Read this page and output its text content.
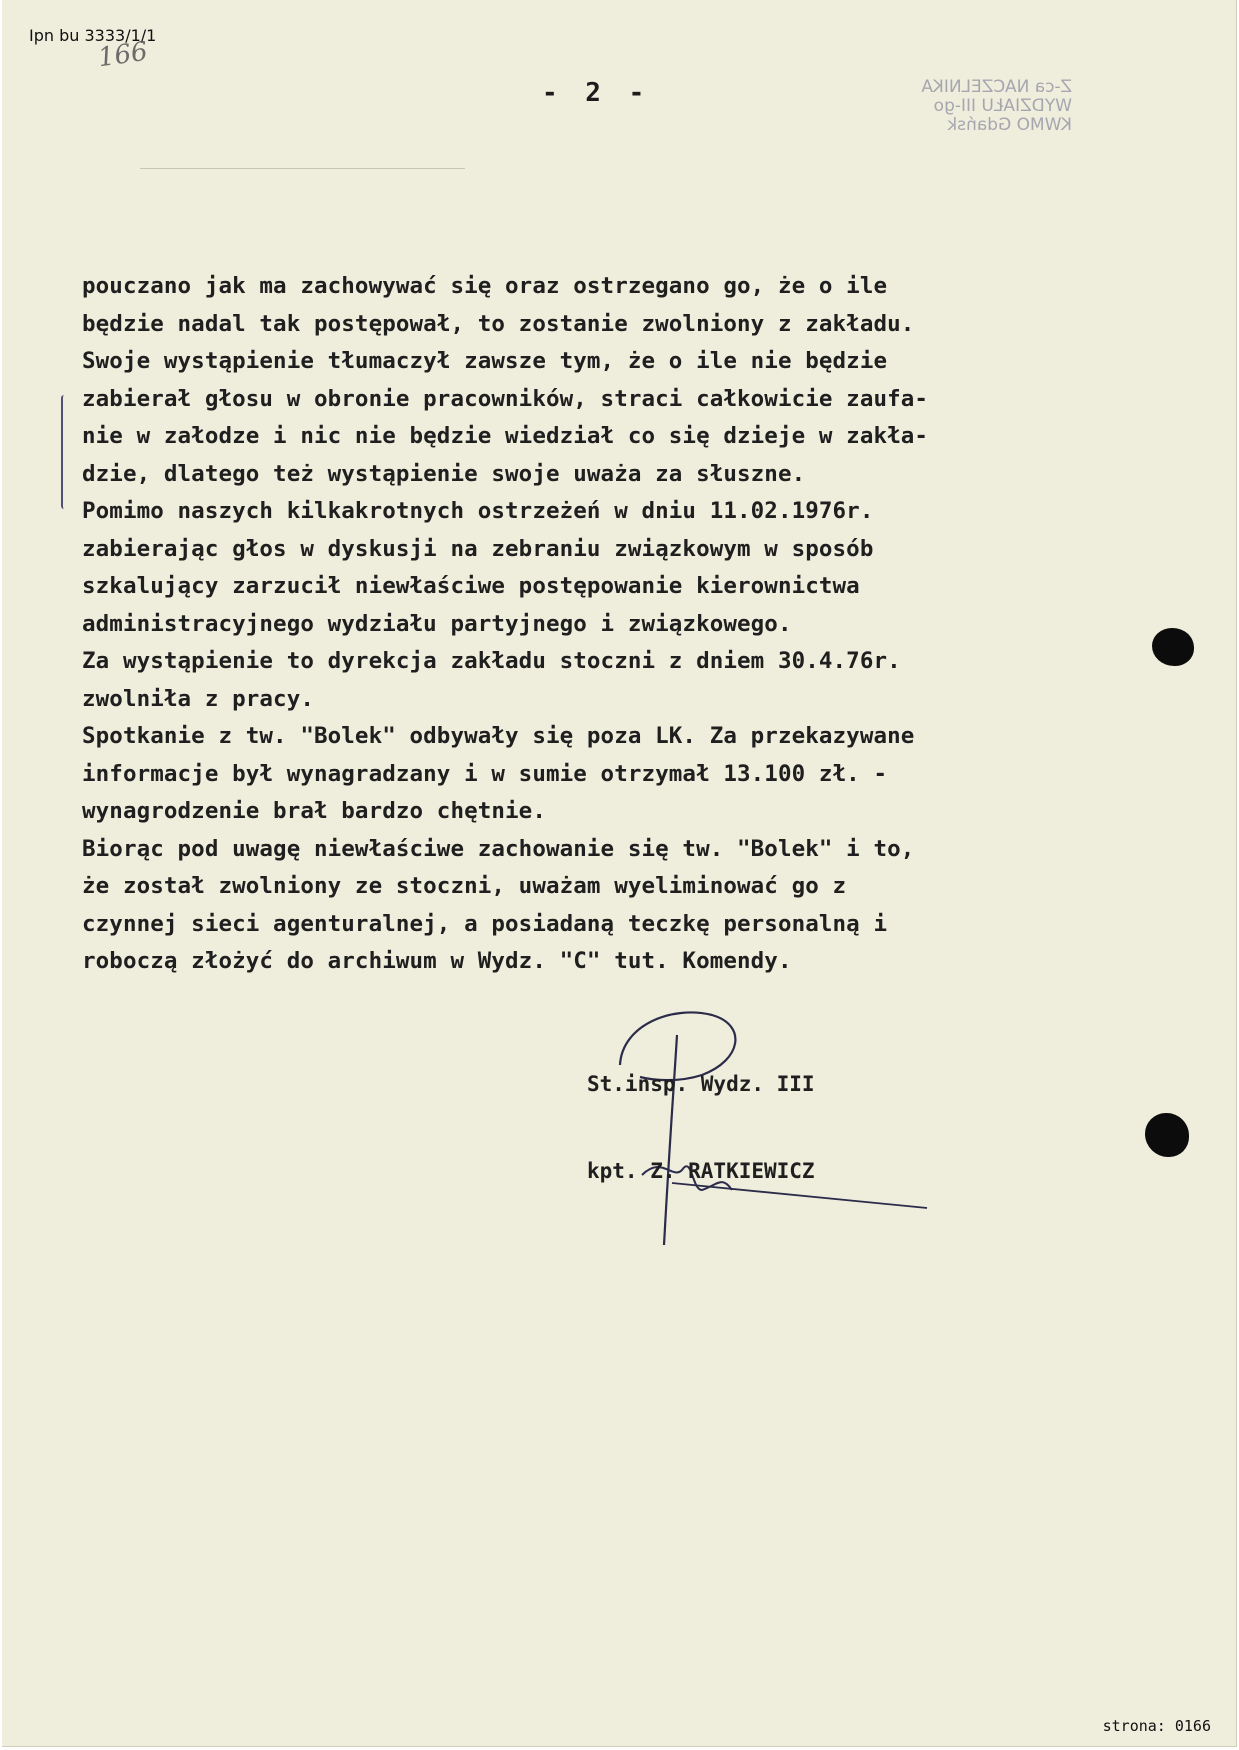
Ipn bu 3333/1/1
166
- 2 -	Z-ca NACZELNIKA
WYDZIAŁU III-go
KWMO Gdańsk
pouczano jak ma zachowywać się oraz ostrzegano go, że o ile
będzie nadal tak postępował, to zostanie zwolniony z zakładu.
Swoje wystąpienie tłumaczył zawsze tym, że o ile nie będzie
zabierał głosu w obronie pracowników, straci całkowicie zaufa-
nie w załodze i nic nie będzie wiedział co się dzieje w zakła-
dzie, dlatego też wystąpienie swoje uważa za słuszne.
Pomimo naszych kilkakrotnych ostrzeżeń w dniu 11.02.1976r.
zabierając głos w dyskusji na zebraniu związkowym w sposób
szkalujący zarzucił niewłaściwe postępowanie kierownictwa
administracyjnego wydziału partyjnego i związkowego.
Za wystąpienie to dyrekcja zakładu stoczni z dniem 30.4.76r.
zwolniła z pracy.
Spotkanie z tw. "Bolek" odbywały się poza LK. Za przekazywane
informacje był wynagradzany i w sumie otrzymał 13.100 zł. -
wynagrodzenie brał bardzo chętnie.
Biorąc pod uwagę niewłaściwe zachowanie się tw. "Bolek" i to,
że został zwolniony ze stoczni, uważam wyeliminować go z
czynnej sieci agenturalnej, a posiadaną teczkę personalną i
roboczą złożyć do archiwum w Wydz. "C" tut. Komendy.
St.insp. Wydz. III
kpt. Z. RATKIEWICZ
strona: 0166
